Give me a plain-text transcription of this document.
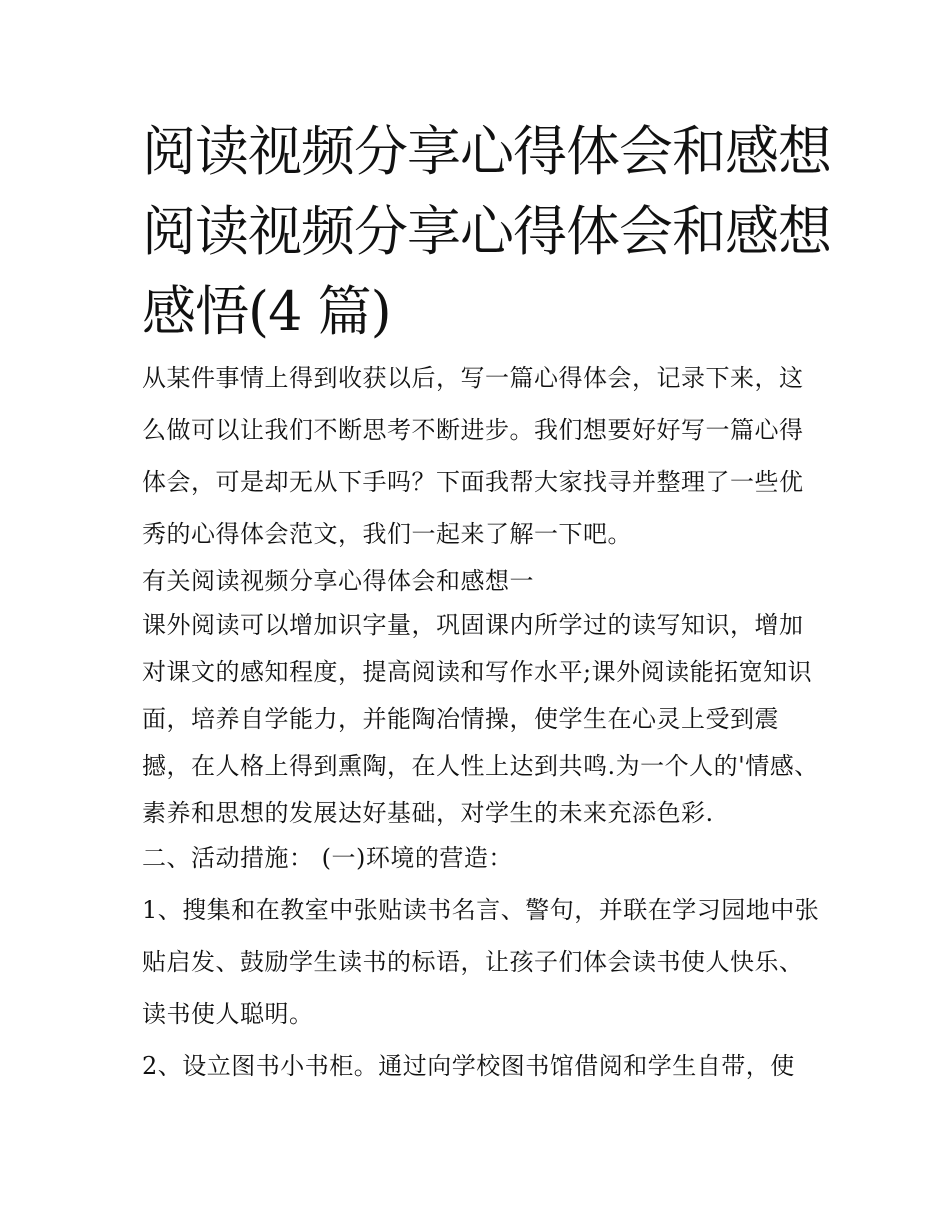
阅读视频分享心得体会和感想
阅读视频分享心得体会和感想
感悟(4 篇)

从某件事情上得到收获以后，写一篇心得体会，记录下来，这么做可以让我们不断思考不断进步。我们想要好好写一篇心得体会，可是却无从下手吗？下面我帮大家找寻并整理了一些优秀的心得体会范文，我们一起来了解一下吧。

有关阅读视频分享心得体会和感想一

课外阅读可以增加识字量，巩固课内所学过的读写知识，增加对课文的感知程度，提高阅读和写作水平;课外阅读能拓宽知识面，培养自学能力，并能陶冶情操，使学生在心灵上受到震撼，在人格上得到熏陶，在人性上达到共鸣.为一个人的'情感、素养和思想的发展达好基础，对学生的未来充添色彩.

二、活动措施： (一)环境的营造：

1、搜集和在教室中张贴读书名言、警句，并联在学习园地中张贴启发、鼓励学生读书的标语，让孩子们体会读书使人快乐、读书使人聪明。

2、设立图书小书柜。通过向学校图书馆借阅和学生自带，使
